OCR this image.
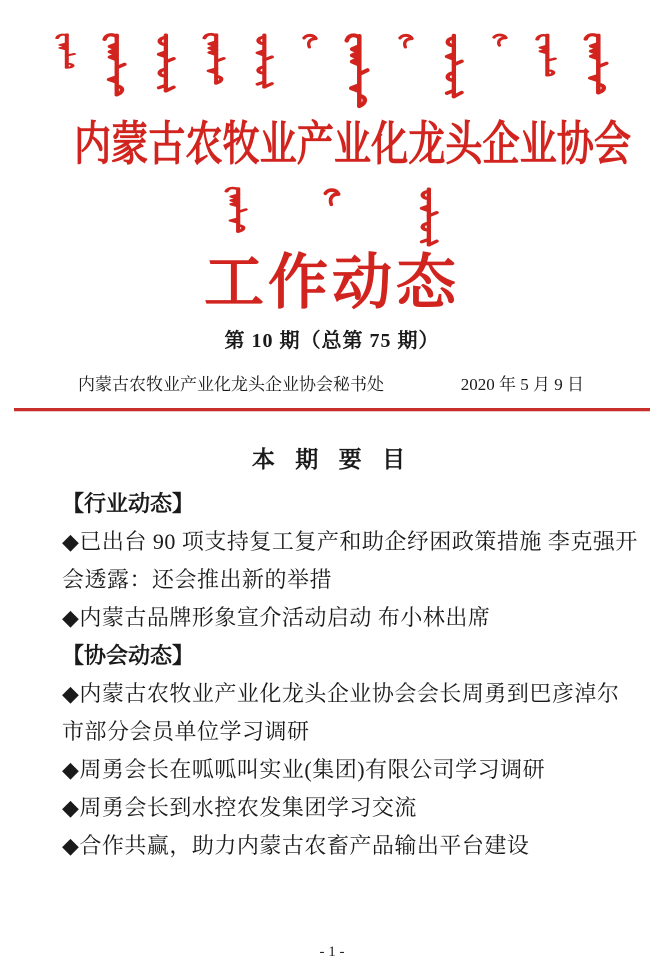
内蒙古农牧业产业化龙头企业协会
工作动态
第 10 期（总第 75 期）
内蒙古农牧业产业化龙头企业协会秘书处	2020 年 5 月 9 日
本 期 要 目

【行业动态】

◆已出台 90 项支持复工复产和助企纾困政策措施 李克强开

会透露：还会推出新的举措

◆内蒙古品牌形象宣介活动启动 布小林出席

【协会动态】

◆内蒙古农牧业产业化龙头企业协会会长周勇到巴彦淖尔

市部分会员单位学习调研

◆周勇会长在呱呱叫实业(集团)有限公司学习调研

◆周勇会长到水控农发集团学习交流

◆合作共赢，助力内蒙古农畜产品输出平台建设

- 1 -
